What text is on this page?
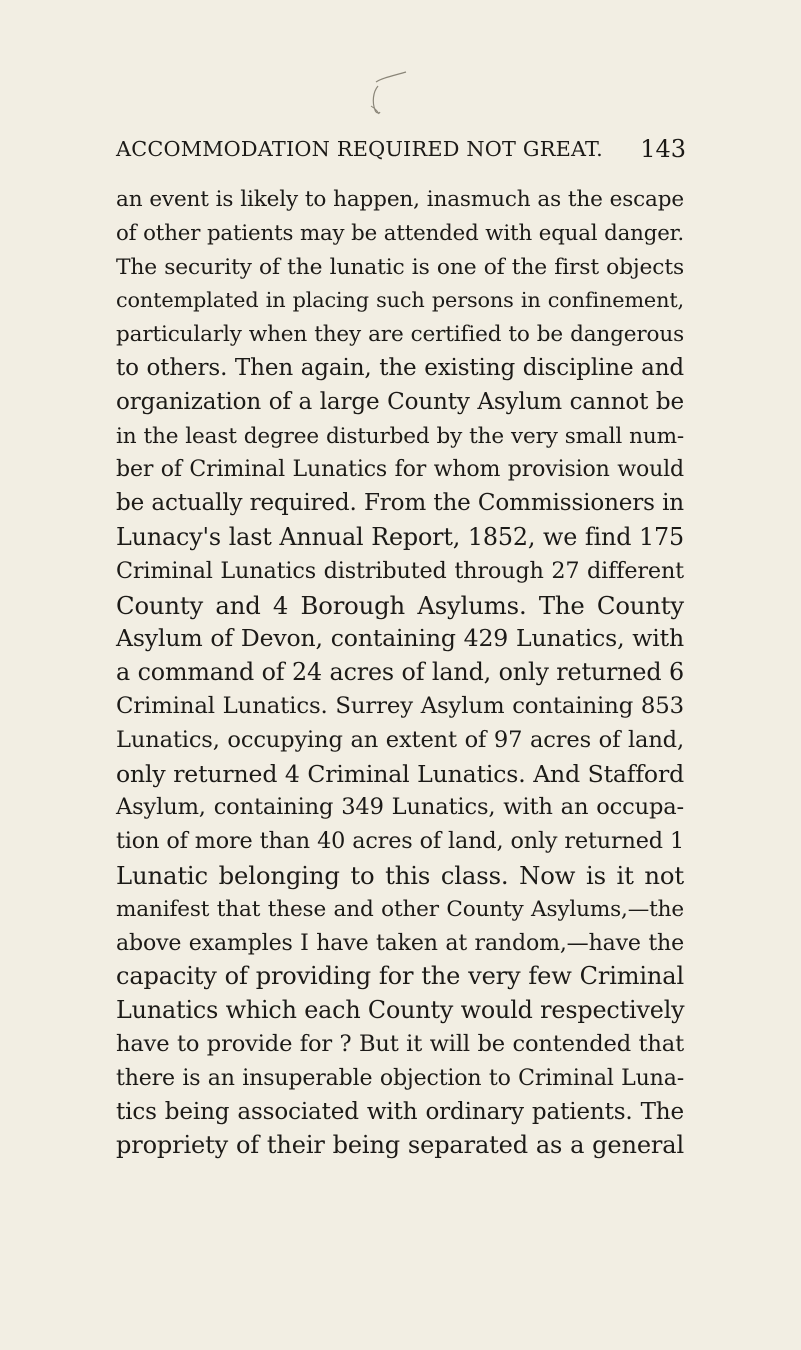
ACCOMMODATION REQUIRED NOT GREAT. 143
an event is likely to happen, inasmuch as the escape
of other patients may be attended with equal danger.
The security of the lunatic is one of the first objects
contemplated in placing such persons in confinement,
particularly when they are certified to be dangerous
to others. Then again, the existing discipline and
organization of a large County Asylum cannot be
in the least degree disturbed by the very small num-
ber of Criminal Lunatics for whom provision would
be actually required. From the Commissioners in
Lunacy's last Annual Report, 1852, we find 175
Criminal Lunatics distributed through 27 different
County and 4 Borough Asylums. The County
Asylum of Devon, containing 429 Lunatics, with
a command of 24 acres of land, only returned 6
Criminal Lunatics. Surrey Asylum containing 853
Lunatics, occupying an extent of 97 acres of land,
only returned 4 Criminal Lunatics. And Stafford
Asylum, containing 349 Lunatics, with an occupa-
tion of more than 40 acres of land, only returned 1
Lunatic belonging to this class. Now is it not
manifest that these and other County Asylums,—the
above examples I have taken at random,—have the
capacity of providing for the very few Criminal
Lunatics which each County would respectively
have to provide for ? But it will be contended that
there is an insuperable objection to Criminal Luna-
tics being associated with ordinary patients. The
propriety of their being separated as a general
